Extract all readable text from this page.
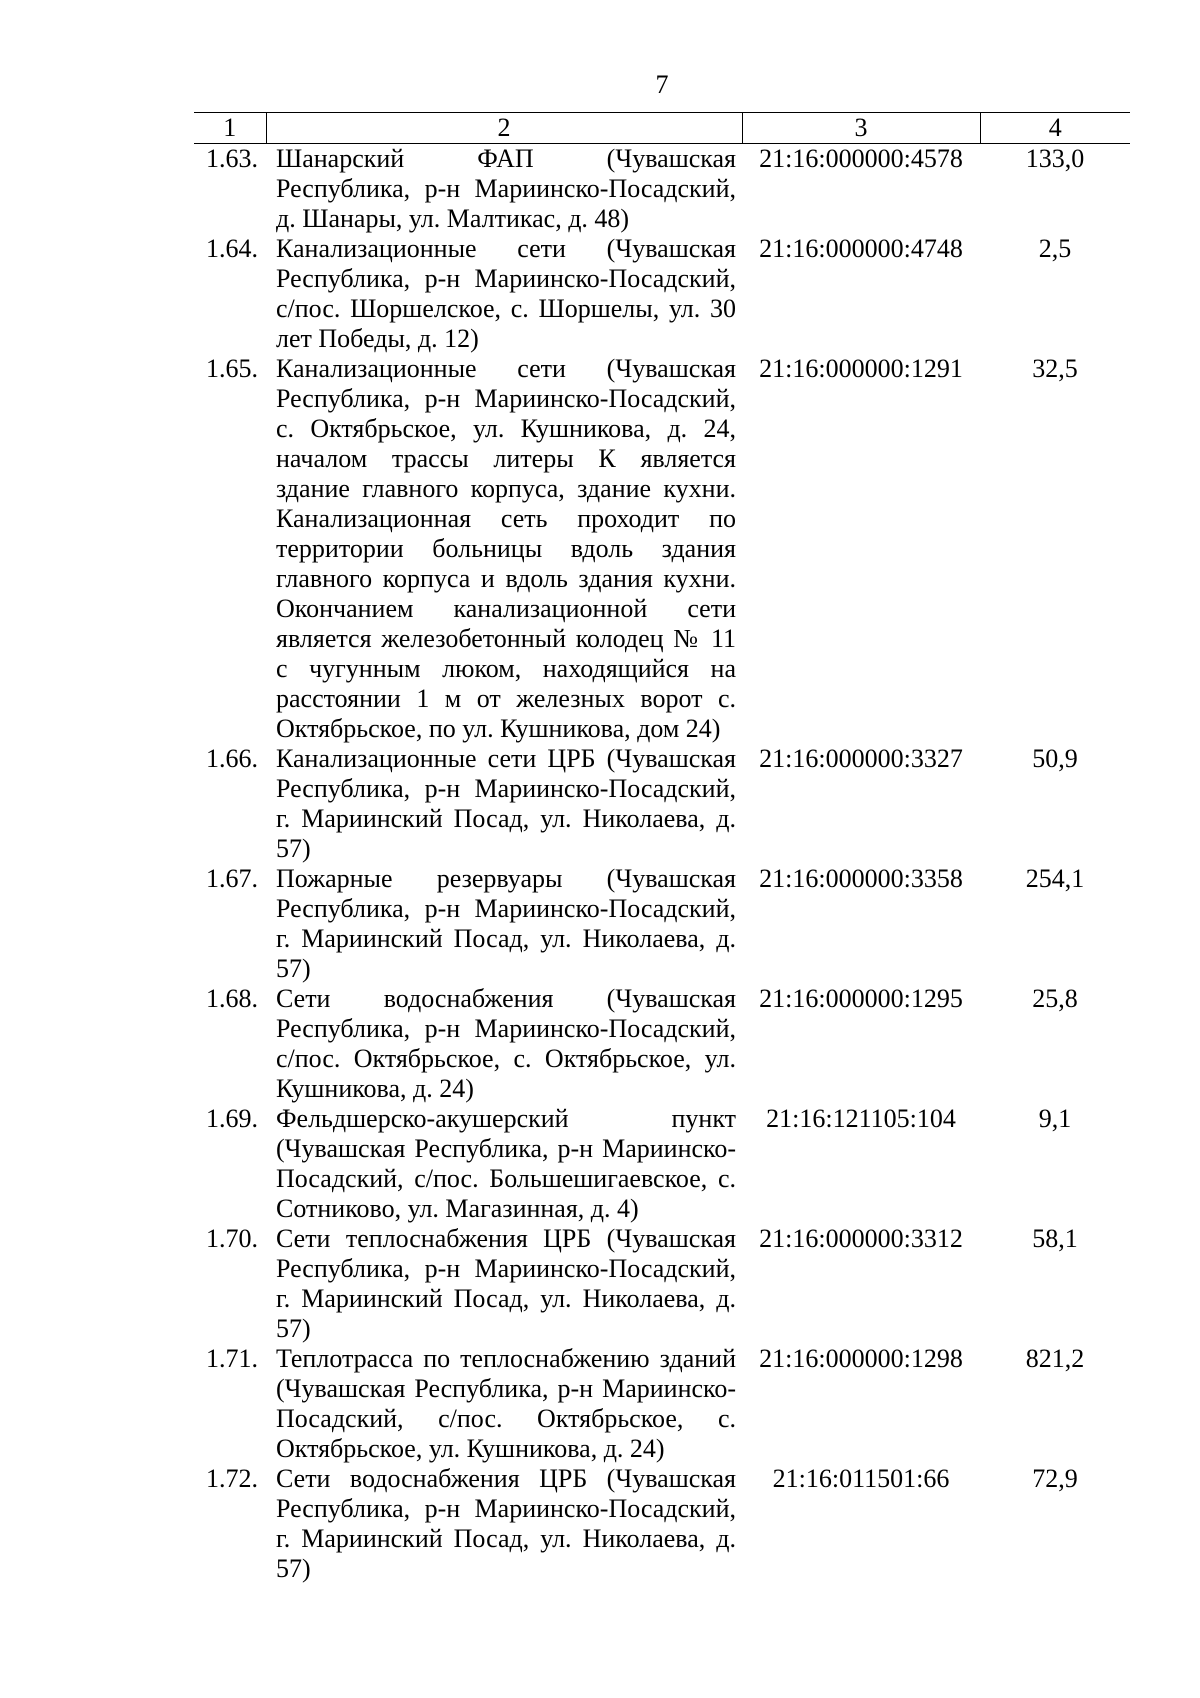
7
1	2	3	4
1.63.	Шанарский ФАП (Чувашская Республика, р-н Мариинско-Посадский, д. Шанары, ул. Малтикас, д. 48)	21:16:000000:4578	133,0
1.64.	Канализационные сети (Чувашская Республика, р-н Мариинско-Посадский, с/пос. Шоршелское, с. Шоршелы, ул. 30 лет Победы, д. 12)	21:16:000000:4748	2,5
1.65.	Канализационные сети (Чувашская Республика, р-н Мариинско-Посадский, с. Октябрьское, ул. Кушникова, д. 24, началом трассы литеры К является здание главного корпуса, здание кухни. Канализационная сеть проходит по территории больницы вдоль здания главного корпуса и вдоль здания кухни. Окончанием канализационной сети является железобетонный колодец № 11 с чугунным люком, находящийся на расстоянии 1 м от железных ворот с. Октябрьское, по ул. Кушникова, дом 24)	21:16:000000:1291	32,5
1.66.	Канализационные сети ЦРБ (Чувашская Республика, р-н Мариинско-Посадский, г. Мариинский Посад, ул. Николаева, д. 57)	21:16:000000:3327	50,9
1.67.	Пожарные резервуары (Чувашская Республика, р-н Мариинско-Посадский, г. Мариинский Посад, ул. Николаева, д. 57)	21:16:000000:3358	254,1
1.68.	Сети водоснабжения (Чувашская Республика, р-н Мариинско-Посадский, с/пос. Октябрьское, с. Октябрьское, ул. Кушникова, д. 24)	21:16:000000:1295	25,8
1.69.	Фельдшерско-акушерский пункт (Чувашская Республика, р-н Мариинско-Посадский, с/пос. Большешигаевское, с. Сотниково, ул. Магазинная, д. 4)	21:16:121105:104	9,1
1.70.	Сети теплоснабжения ЦРБ (Чувашская Республика, р-н Мариинско-Посадский, г. Мариинский Посад, ул. Николаева, д. 57)	21:16:000000:3312	58,1
1.71.	Теплотрасса по теплоснабжению зданий (Чувашская Республика, р-н Мариинско-Посадский, с/пос. Октябрьское, с. Октябрьское, ул. Кушникова, д. 24)	21:16:000000:1298	821,2
1.72.	Сети водоснабжения ЦРБ (Чувашская Республика, р-н Мариинско-Посадский, г. Мариинский Посад, ул. Николаева, д. 57)	21:16:011501:66	72,9
